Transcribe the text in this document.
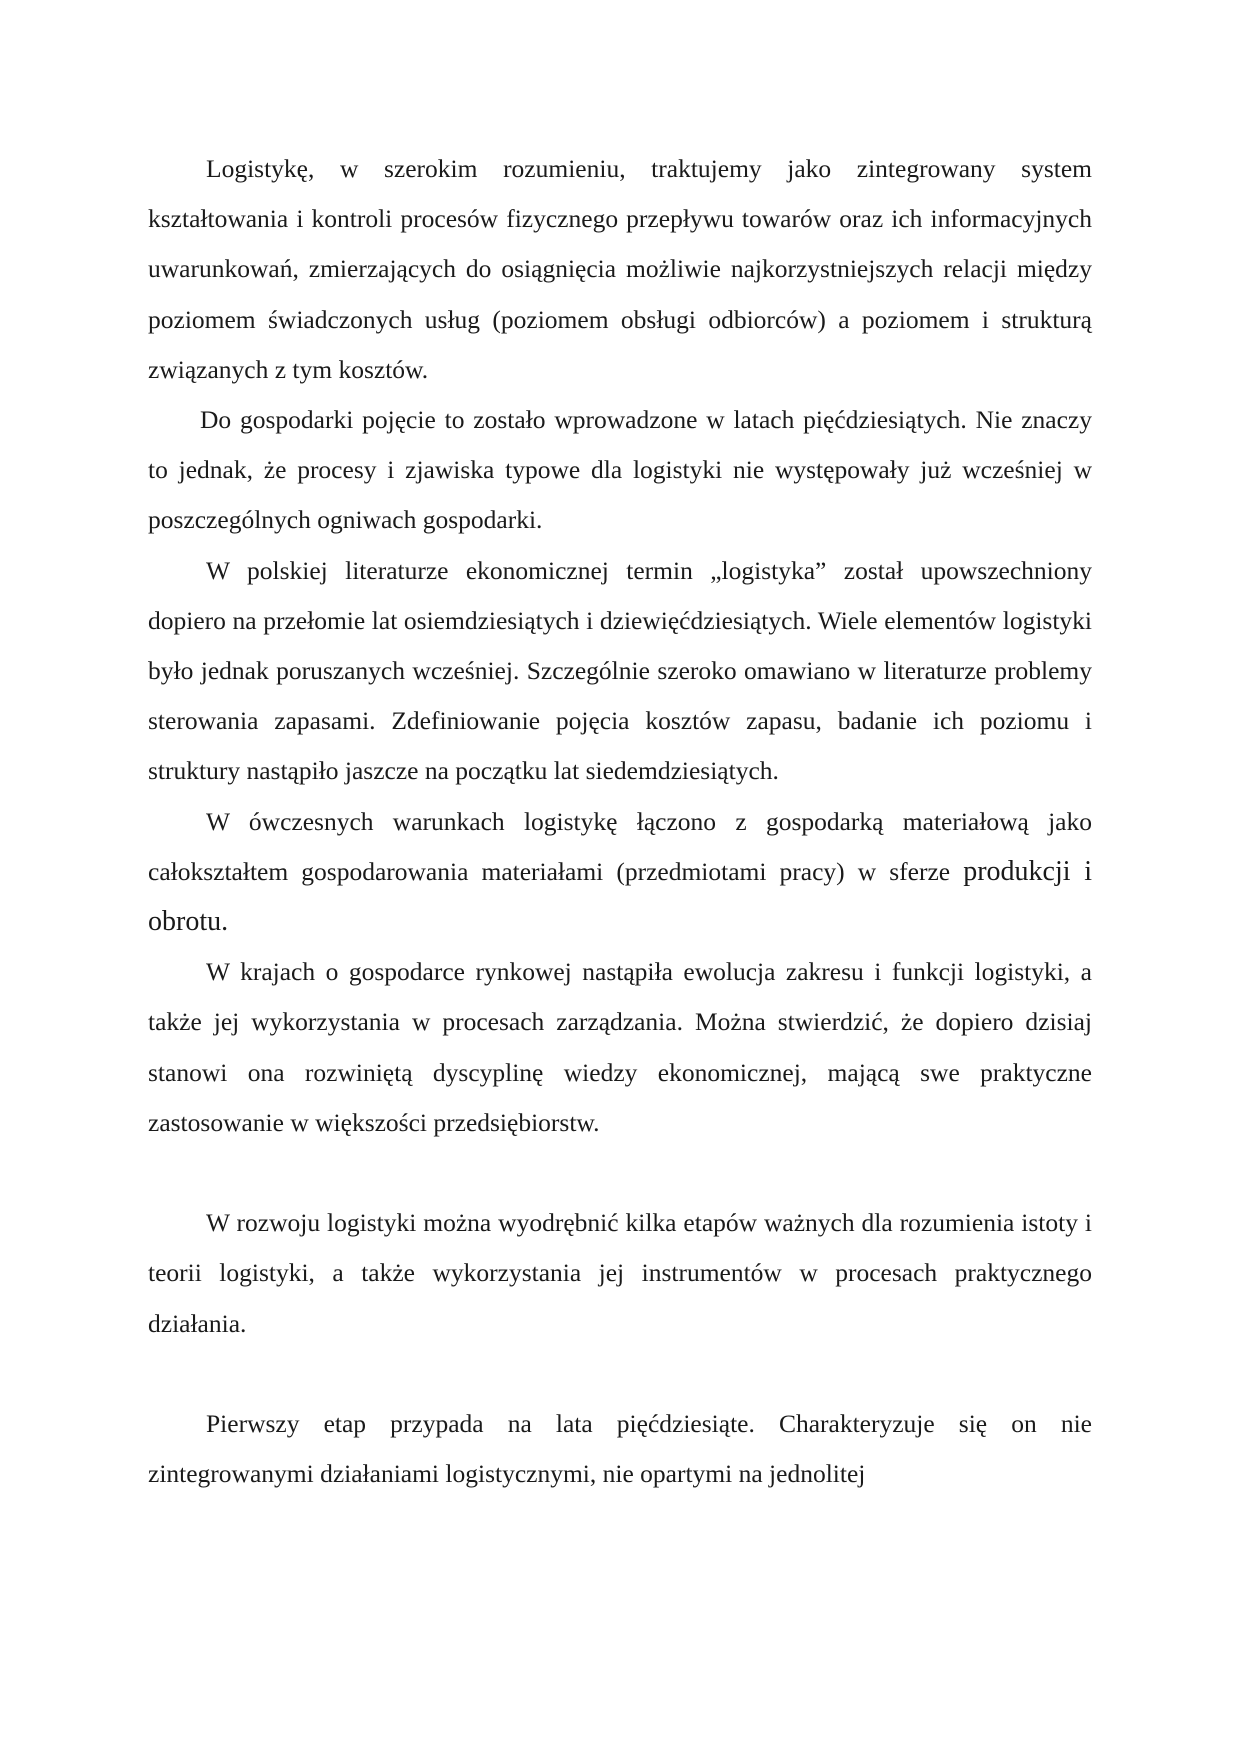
Logistykę, w szerokim rozumieniu, traktujemy jako zintegrowany system kształtowania i kontroli procesów fizycznego przepływu towarów oraz ich informacyjnych uwarunkowań, zmierzających do osiągnięcia możliwie najkorzystniejszych relacji między poziomem świadczonych usług (poziomem obsługi odbiorców) a poziomem i strukturą związanych z tym kosztów.

Do gospodarki pojęcie to zostało wprowadzone w latach pięćdziesiątych. Nie znaczy to jednak, że procesy i zjawiska typowe dla logistyki nie występowały już wcześniej w poszczególnych ogniwach gospodarki.

W polskiej literaturze ekonomicznej termin „logistyka” został upowszechniony dopiero na przełomie lat osiemdziesiątych i dziewięćdziesiątych. Wiele elementów logistyki było jednak poruszanych wcześniej. Szczególnie szeroko omawiano w literaturze problemy sterowania zapasami. Zdefiniowanie pojęcia kosztów zapasu, badanie ich poziomu i struktury nastąpiło jaszcze na początku lat siedemdziesiątych.

W ówczesnych warunkach logistykę łączono z gospodarką materiałową jako całokształtem gospodarowania materiałami (przedmiotami pracy) w sferze produkcji i obrotu.

W krajach o gospodarce rynkowej nastąpiła ewolucja zakresu i funkcji logistyki, a także jej wykorzystania w procesach zarządzania. Można stwierdzić, że dopiero dzisiaj stanowi ona rozwiniętą dyscyplinę wiedzy ekonomicznej, mającą swe praktyczne zastosowanie w większości przedsiębiorstw.

W rozwoju logistyki można wyodrębnić kilka etapów ważnych dla rozumienia istoty i teorii logistyki, a także wykorzystania jej instrumentów w procesach praktycznego działania.

Pierwszy etap przypada na lata pięćdziesiąte. Charakteryzuje się on nie zintegrowanymi działaniami logistycznymi, nie opartymi na jednolitej
